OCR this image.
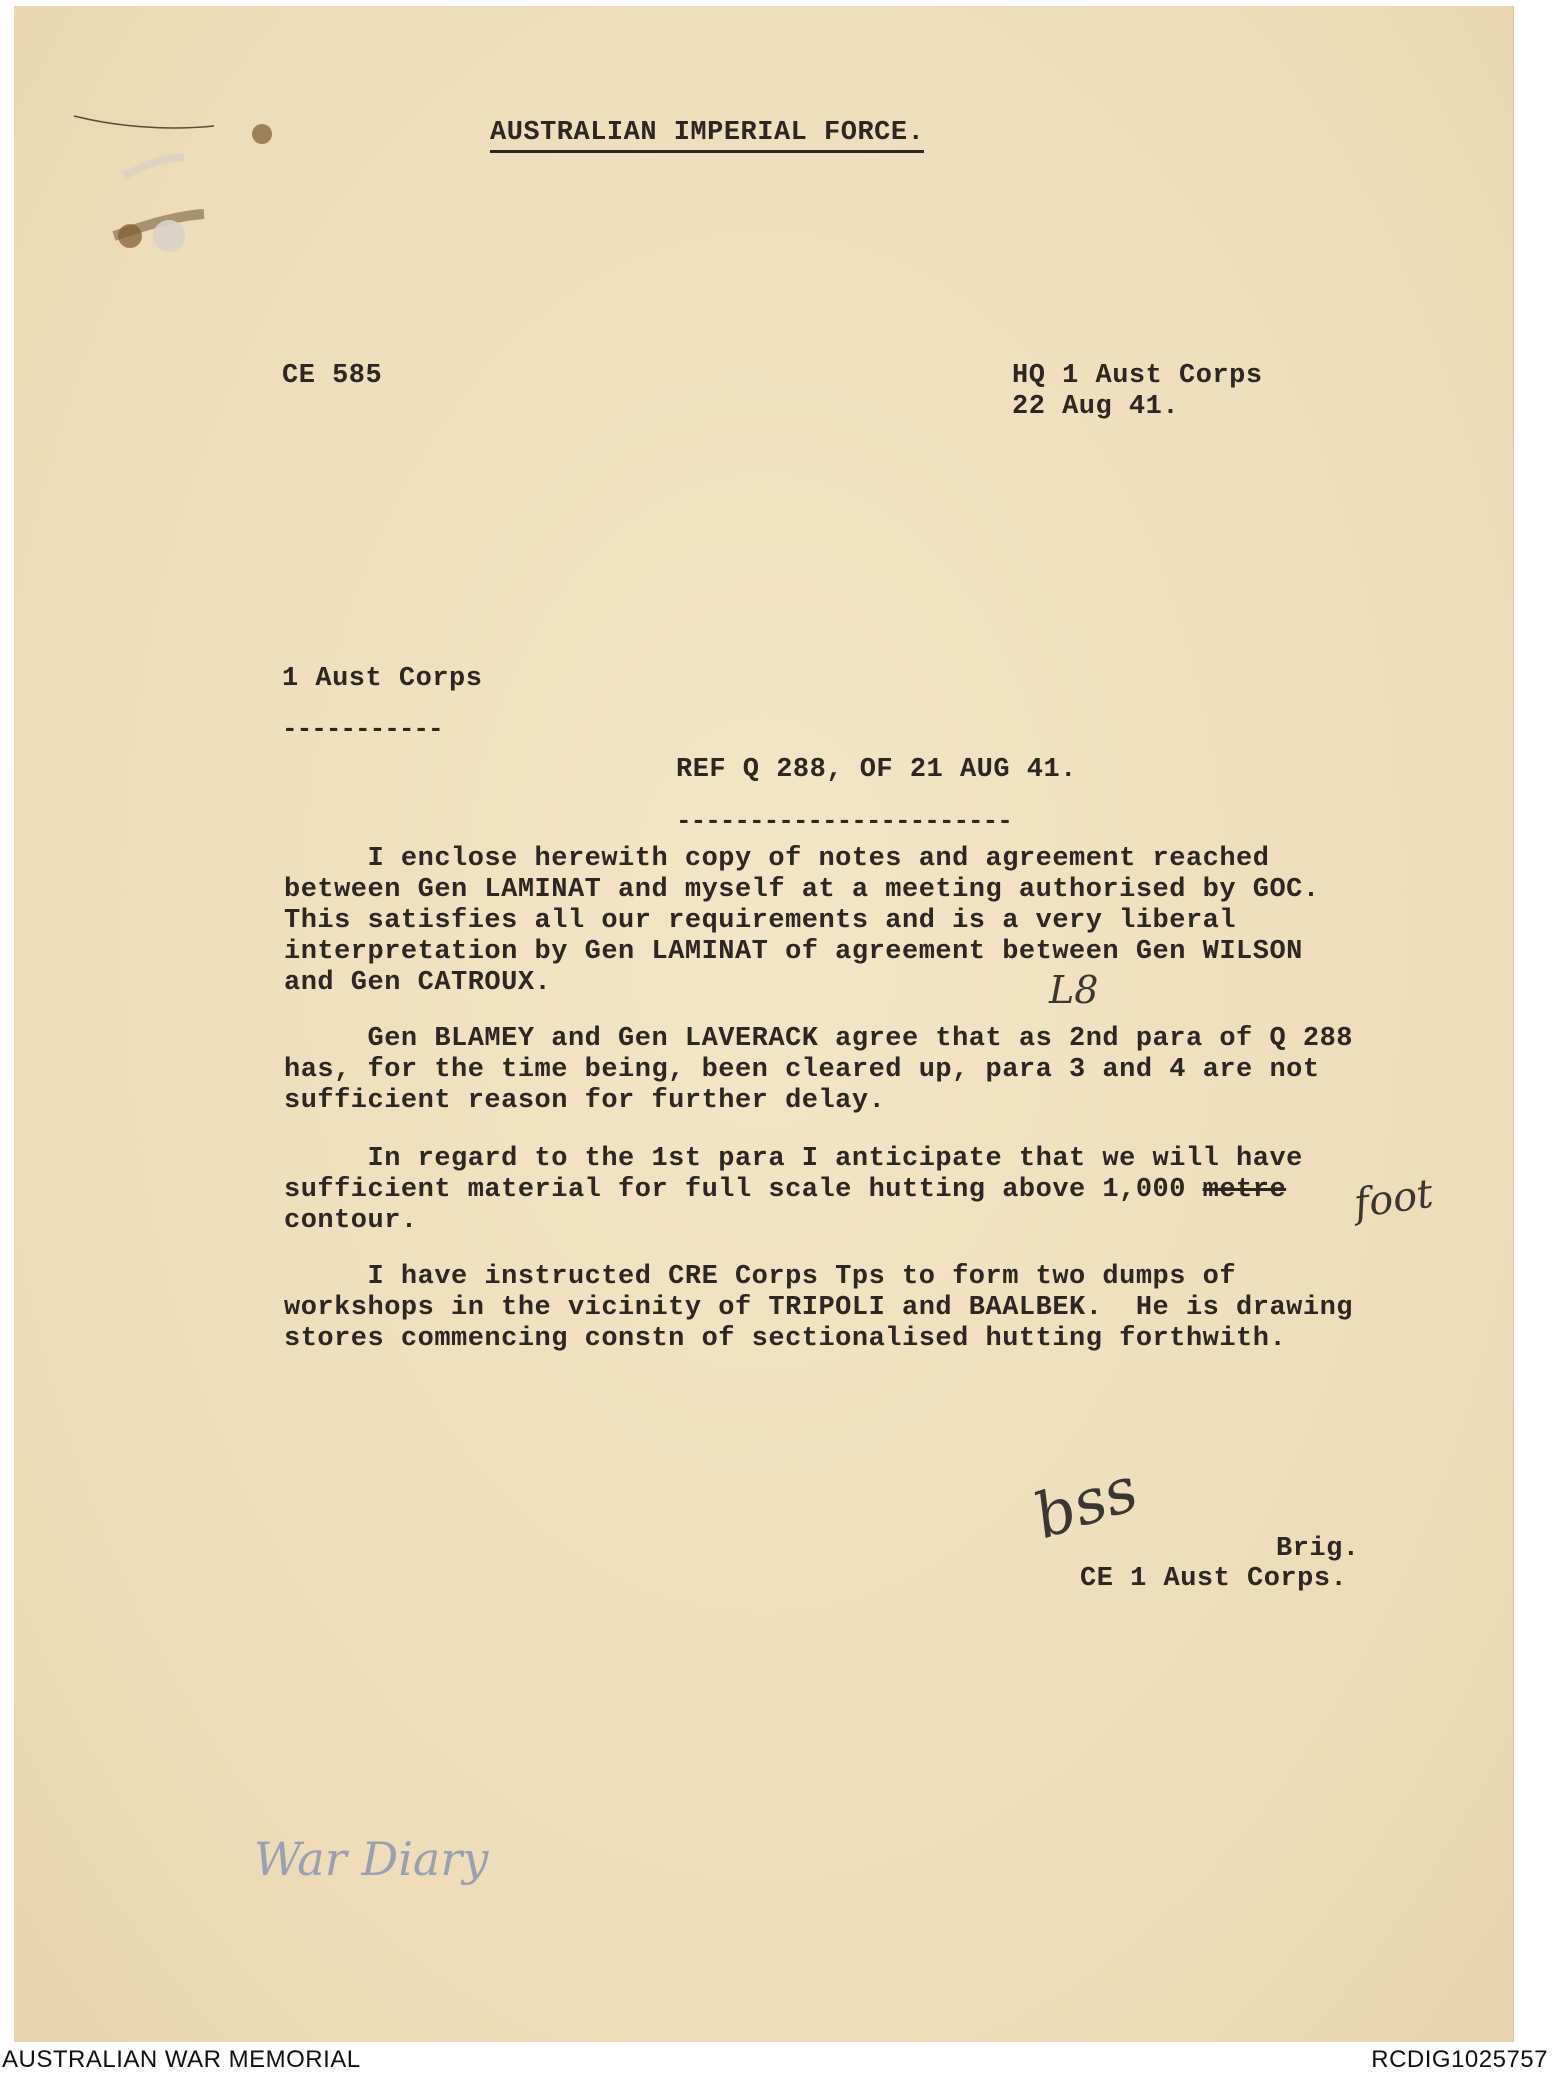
AUSTRALIAN IMPERIAL FORCE.

CE 585	HQ 1 Aust Corps

22 Aug 41.

1 Aust Corps

-----------

REF Q 288, OF 21 AUG 41.

-----------------------

I enclose herewith copy of notes and agreement reached

between Gen LAMINAT and myself at a meeting authorised by GOC.

This satisfies all our requirements and is a very liberal

interpretation by Gen LAMINAT of agreement between Gen WILSON

and Gen CATROUX.	L8

Gen BLAMEY and Gen LAVERACK agree that as 2nd para of Q 288

has, for the time being, been cleared up, para 3 and 4 are not

sufficient reason for further delay.

In regard to the 1st para I anticipate that we will have

sufficient material for full scale hutting above 1,000 metre

contour.	foot

I have instructed CRE Corps Tps to form two dumps of

workshops in the vicinity of TRIPOLI and BAALBEK.  He is drawing

stores commencing constn of sectionalised hutting forthwith.

bss	Brig.

CE 1 Aust Corps.

War Diary
AUSTRALIAN WAR MEMORIAL	RCDIG1025757
